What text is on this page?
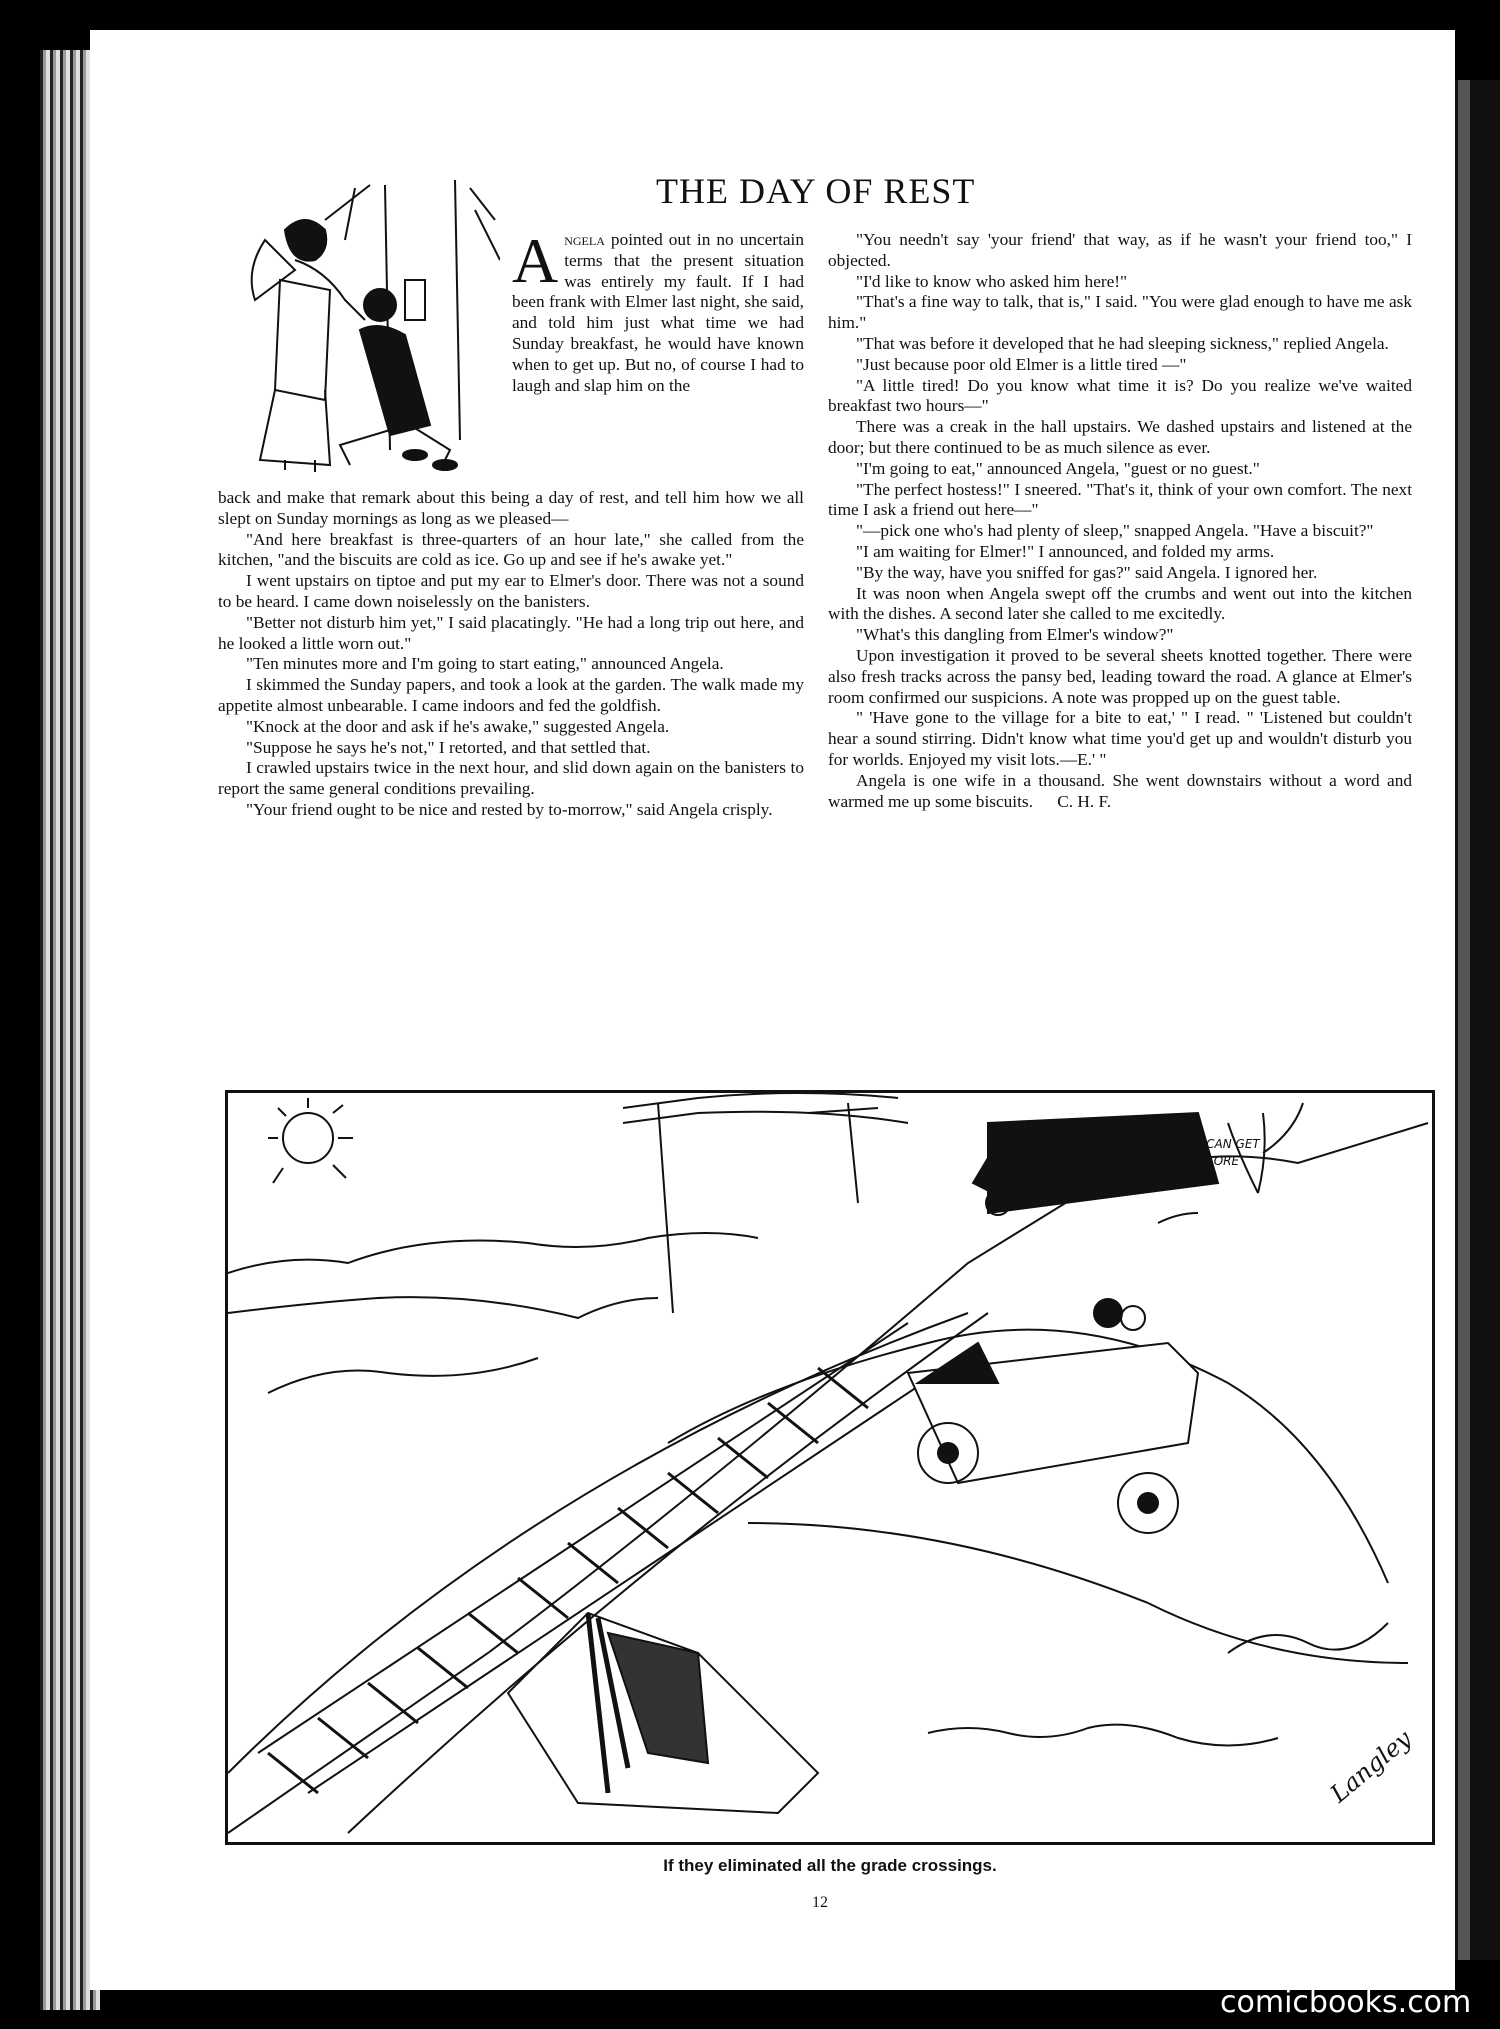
THE DAY OF REST
Angela pointed out in no uncertain terms that the present situation was entirely my fault. If I had been frank with Elmer last night, she said, and told him just what time we had Sunday breakfast, he would have known when to get up. But no, of course I had to laugh and slap him on the

back and make that remark about this being a day of rest, and tell him how we all slept on Sunday mornings as long as we pleased—

"And here breakfast is three-quarters of an hour late," she called from the kitchen, "and the biscuits are cold as ice. Go up and see if he's awake yet."

I went upstairs on tiptoe and put my ear to Elmer's door. There was not a sound to be heard. I came down noiselessly on the banisters.

"Better not disturb him yet," I said placatingly. "He had a long trip out here, and he looked a little worn out."

"Ten minutes more and I'm going to start eating," announced Angela.

I skimmed the Sunday papers, and took a look at the garden. The walk made my appetite almost unbearable. I came indoors and fed the goldfish.

"Knock at the door and ask if he's awake," suggested Angela.

"Suppose he says he's not," I retorted, and that settled that.

I crawled upstairs twice in the next hour, and slid down again on the banisters to report the same general conditions prevailing.

"Your friend ought to be nice and rested by to-morrow," said Angela crisply.

"You needn't say 'your friend' that way, as if he wasn't your friend too," I objected.

"I'd like to know who asked him here!"

"That's a fine way to talk, that is," I said. "You were glad enough to have me ask him."

"That was before it developed that he had sleeping sickness," replied Angela.

"Just because poor old Elmer is a little tired —"

"A little tired! Do you know what time it is? Do you realize we've waited breakfast two hours—"

There was a creak in the hall upstairs. We dashed upstairs and listened at the door; but there continued to be as much silence as ever.

"I'm going to eat," announced Angela, "guest or no guest."

"The perfect hostess!" I sneered. "That's it, think of your own comfort. The next time I ask a friend out here—"

"—pick one who's had plenty of sleep," snapped Angela. "Have a biscuit?"

"I am waiting for Elmer!" I announced, and folded my arms.

"By the way, have you sniffed for gas?" said Angela. I ignored her.

It was noon when Angela swept off the crumbs and went out into the kitchen with the dishes. A second later she called to me excitedly.

"What's this dangling from Elmer's window?"

Upon investigation it proved to be several sheets knotted together. There were also fresh tracks across the pansy bed, leading toward the road. A glance at Elmer's room confirmed our suspicions. A note was propped up on the guest table.

" 'Have gone to the village for a bite to eat,' " I read. " 'Listened but couldn't hear a sound stirring. Didn't know what time you'd get up and wouldn't disturb you for worlds. Enjoyed my visit lots.—E.' "

Angela is one wife in a thousand. She went downstairs without a word and warmed me up some biscuits. C. H. F.

"BETCHER I CAN GET
ACROSS BEFORE
THE TRAIN!"
Langley
If they eliminated all the grade crossings.
12
comicbooks.com
